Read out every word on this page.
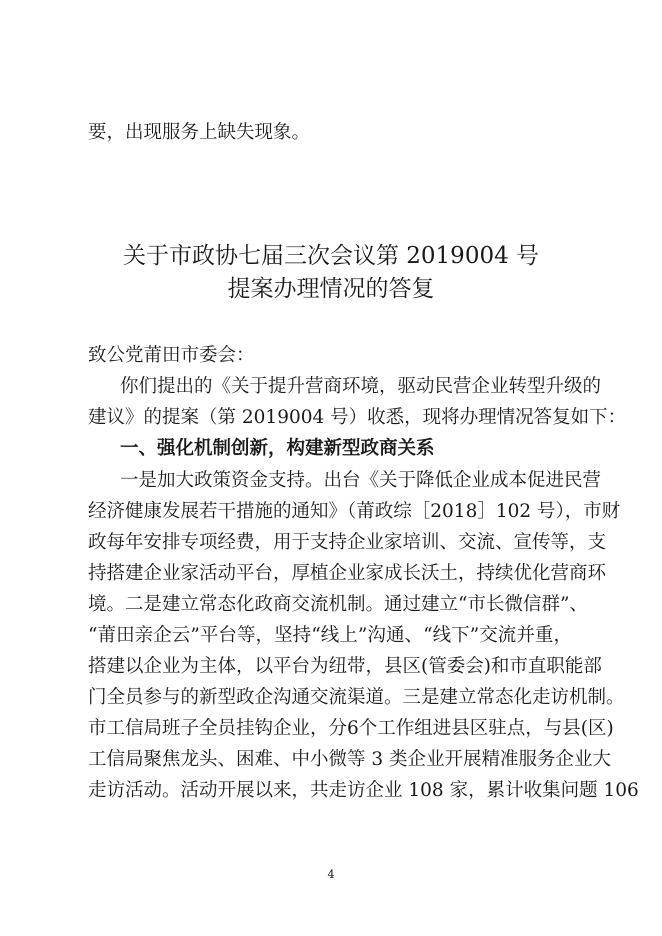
要，出现服务上缺失现象。
关于市政协七届三次会议第 2019004 号
提案办理情况的答复
致公党莆田市委会：
你们提出的《关于提升营商环境，驱动民营企业转型升级的
建议》的提案（第 2019004 号）收悉，现将办理情况答复如下：
一、强化机制创新，构建新型政商关系
一是加大政策资金支持。出台《关于降低企业成本促进民营
经济健康发展若干措施的通知》（莆政综［2018］102 号），市财
政每年安排专项经费，用于支持企业家培训、交流、宣传等，支
持搭建企业家活动平台，厚植企业家成长沃土，持续优化营商环
境。二是建立常态化政商交流机制。通过建立“市长微信群”、
“莆田亲企云”平台等，坚持“线上”沟通、“线下”交流并重，
搭建以企业为主体，以平台为纽带，县区(管委会)和市直职能部
门全员参与的新型政企沟通交流渠道。三是建立常态化走访机制。
市工信局班子全员挂钩企业，分6个工作组进县区驻点，与县(区)
工信局聚焦龙头、困难、中小微等 3 类企业开展精准服务企业大
走访活动。活动开展以来，共走访企业 108 家，累计收集问题 106
4
